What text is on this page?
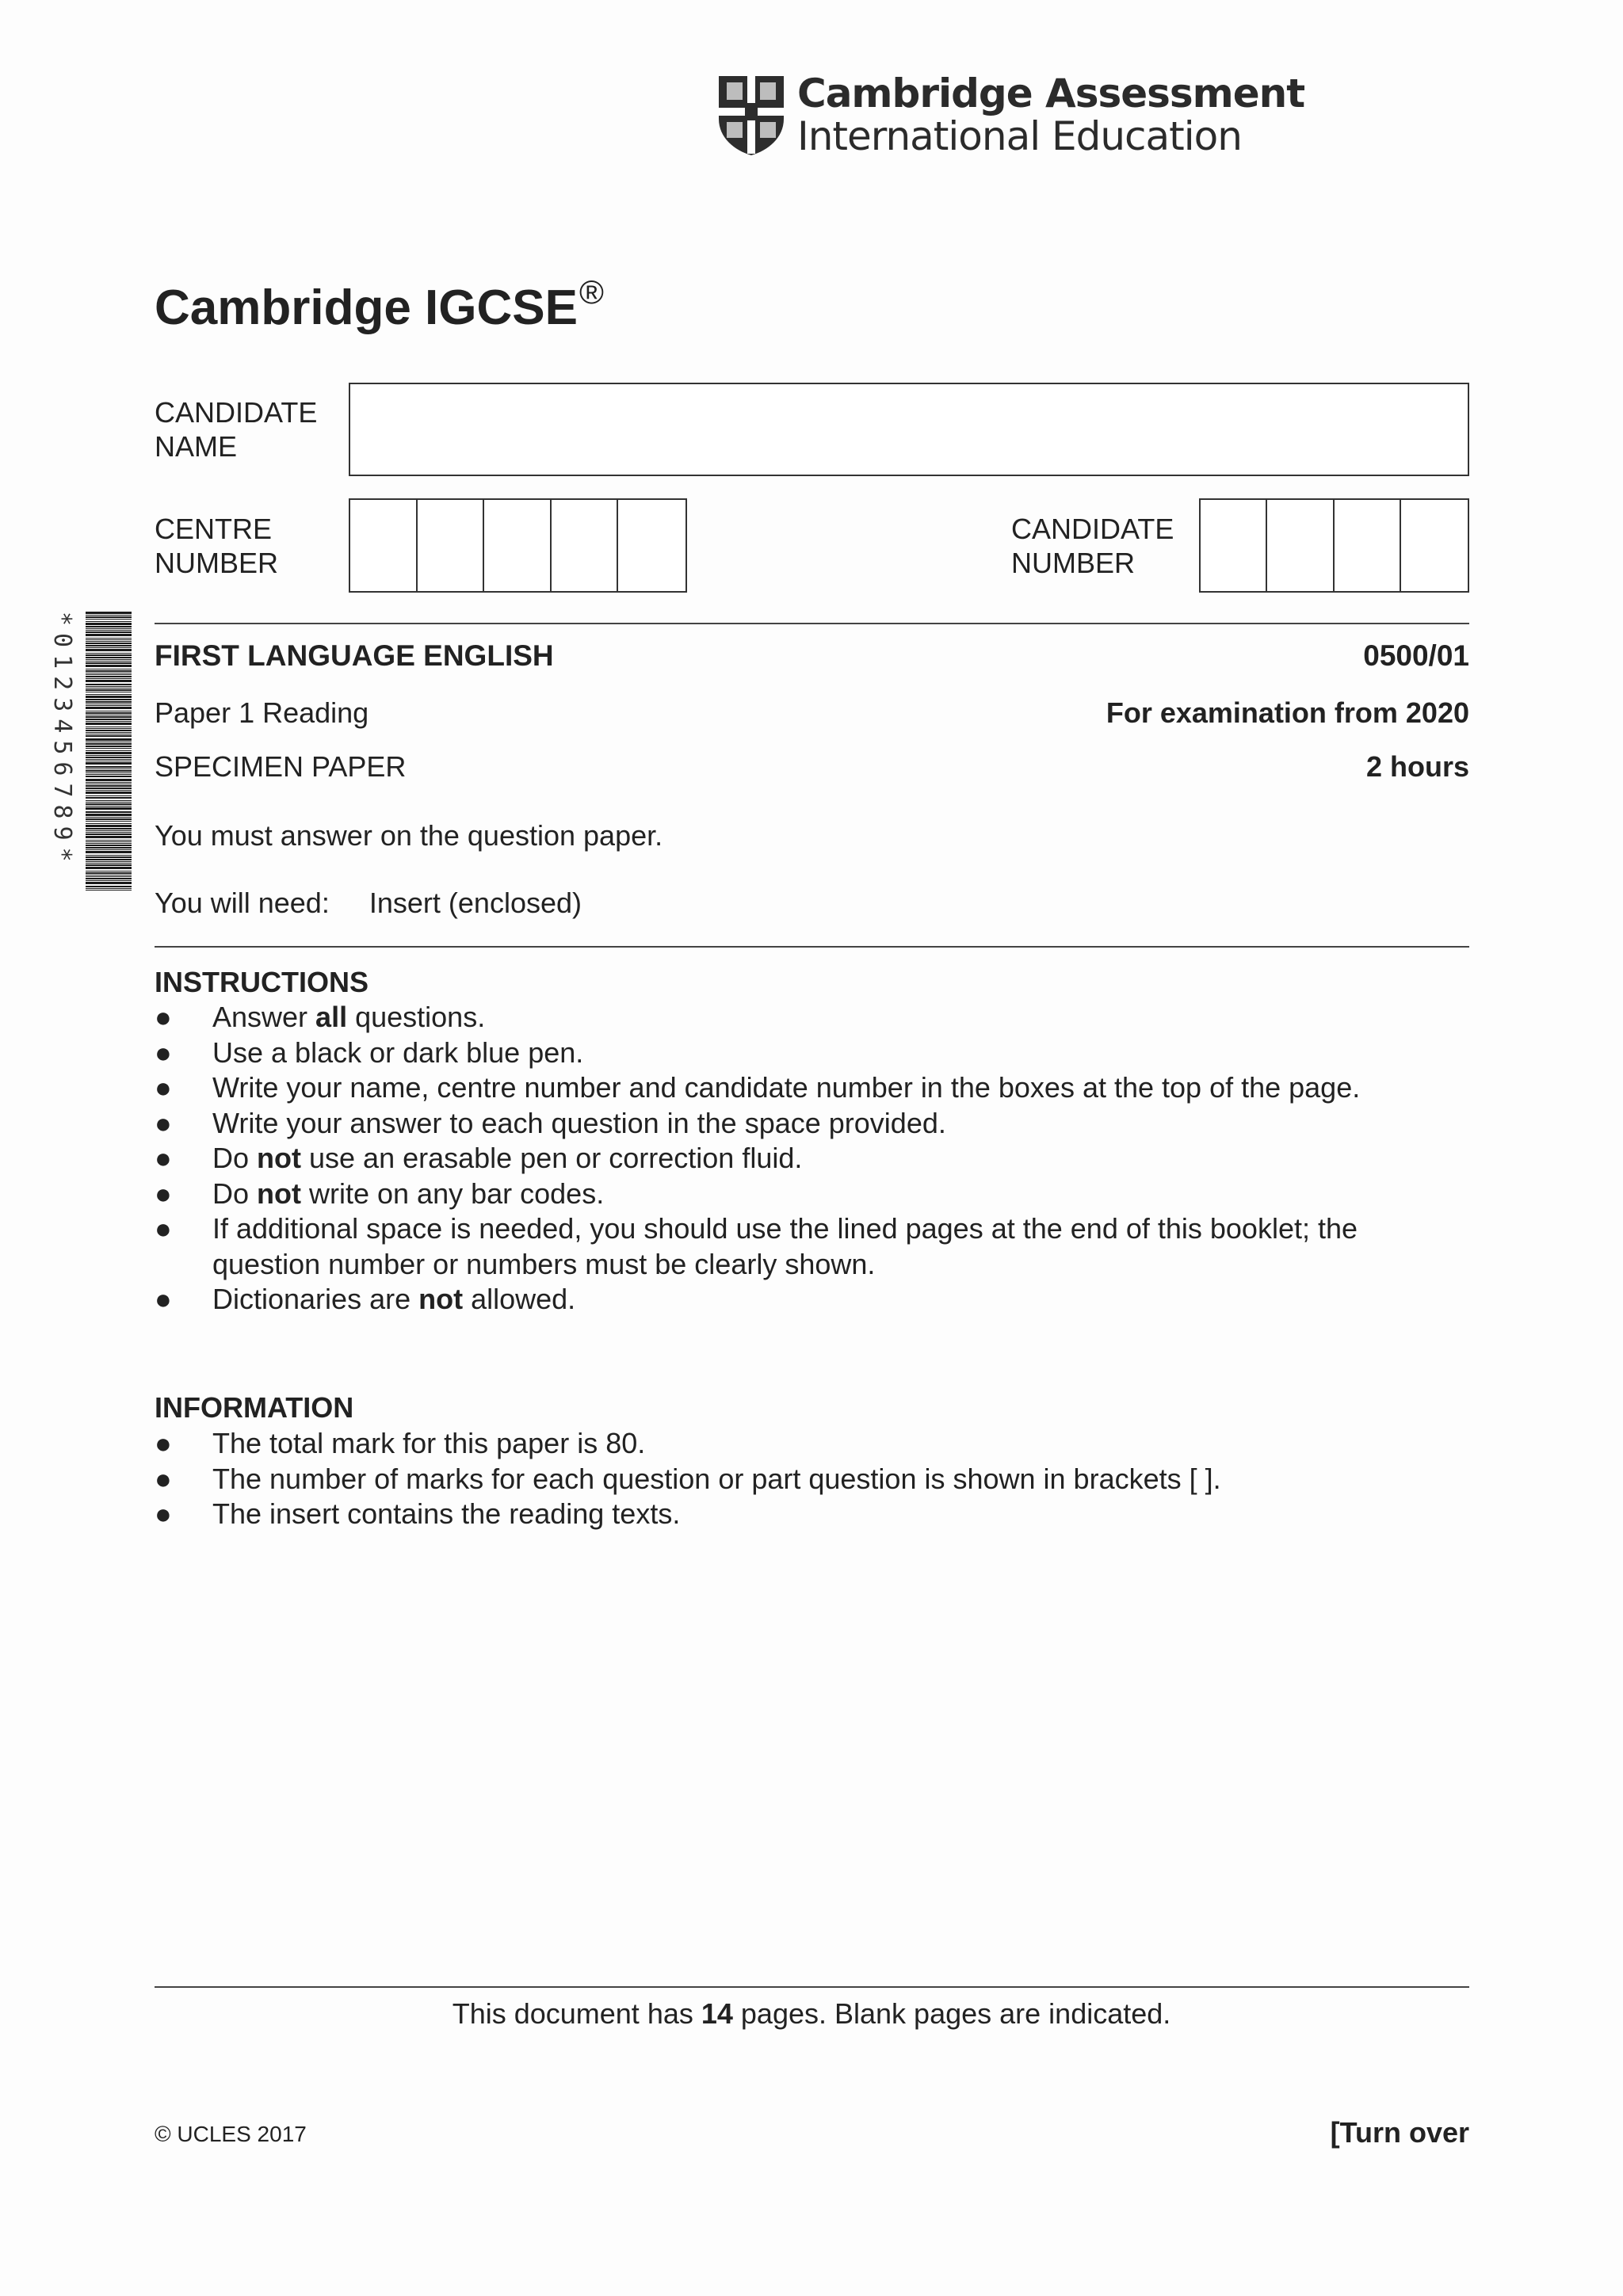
Cambridge Assessment
International Education
Cambridge IGCSE®
CANDIDATE
NAME
CENTRE
NUMBER
CANDIDATE
NUMBER
*0123456789*	FIRST LANGUAGE ENGLISH	0500/01
Paper 1 Reading	For examination from 2020
SPECIMEN PAPER	2 hours
You must answer on the question paper.
You will need: Insert (enclosed)
INSTRUCTIONS
● Answer all questions.
● Use a black or dark blue pen.
● Write your name, centre number and candidate number in the boxes at the top of the page.
● Write your answer to each question in the space provided.
● Do not use an erasable pen or correction fluid.
● Do not write on any bar codes.
● If additional space is needed, you should use the lined pages at the end of this booklet; the question number or numbers must be clearly shown.
● Dictionaries are not allowed.
INFORMATION
● The total mark for this paper is 80.
● The number of marks for each question or part question is shown in brackets [ ].
● The insert contains the reading texts.
This document has 14 pages. Blank pages are indicated.
© UCLES 2017	[Turn over
